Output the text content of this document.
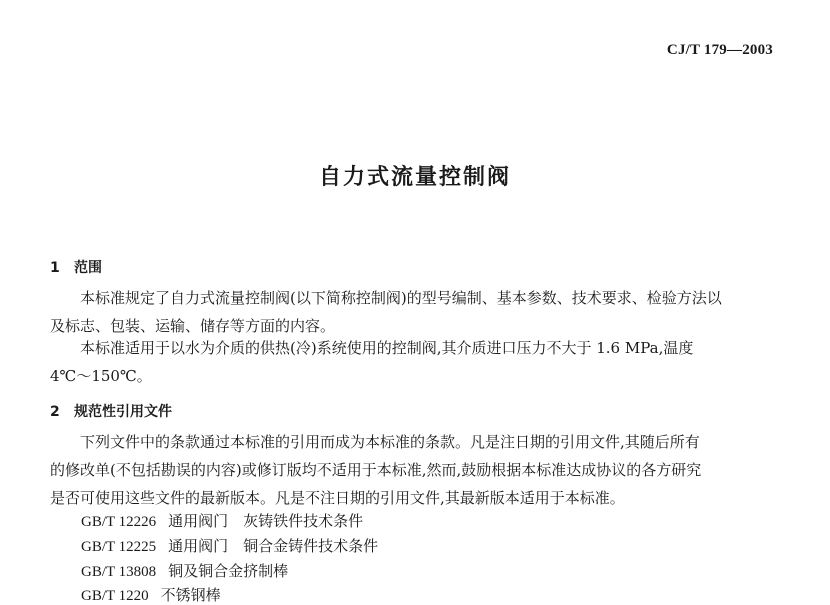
CJ/T 179—2003
自力式流量控制阀
1 范围
本标准规定了自力式流量控制阀(以下简称控制阀)的型号编制、基本参数、技术要求、检验方法以
及标志、包装、运输、储存等方面的内容。
本标准适用于以水为介质的供热(冷)系统使用的控制阀,其介质进口压力不大于 1.6 MPa,温度
4℃～150℃。
2 规范性引用文件
下列文件中的条款通过本标准的引用而成为本标准的条款。凡是注日期的引用文件,其随后所有
的修改单(不包括勘误的内容)或修订版均不适用于本标准,然而,鼓励根据本标准达成协议的各方研究
是否可使用这些文件的最新版本。凡是不注日期的引用文件,其最新版本适用于本标准。
GB/T 12226 通用阀门　灰铸铁件技术条件
GB/T 12225 通用阀门　铜合金铸件技术条件
GB/T 13808 铜及铜合金挤制棒
GB/T 1220 不锈钢棒
